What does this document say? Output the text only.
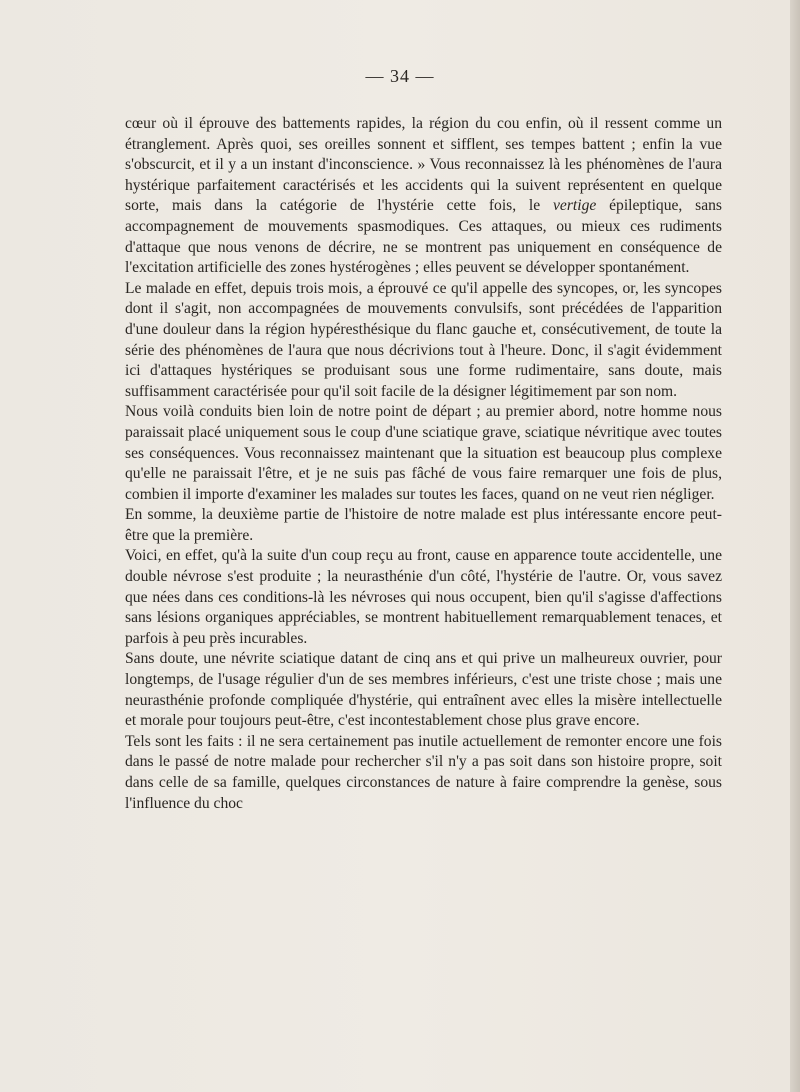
— 34 —

cœur où il éprouve des battements rapides, la région du cou enfin, où il ressent comme un étranglement. Après quoi, ses oreilles sonnent et sifflent, ses tempes battent ; enfin la vue s'obscurcit, et il y a un instant d'inconscience. » Vous reconnaissez là les phénomènes de l'aura hystérique parfaitement caractérisés et les accidents qui la suivent représentent en quelque sorte, mais dans la catégorie de l'hystérie cette fois, le vertige épileptique, sans accompagnement de mouvements spasmodiques. Ces attaques, ou mieux ces rudiments d'attaque que nous venons de décrire, ne se montrent pas uniquement en conséquence de l'excitation artificielle des zones hystérogènes ; elles peuvent se développer spontanément.

Le malade en effet, depuis trois mois, a éprouvé ce qu'il appelle des syncopes, or, les syncopes dont il s'agit, non accompagnées de mouvements convulsifs, sont précédées de l'apparition d'une douleur dans la région hypéresthésique du flanc gauche et, consécutivement, de toute la série des phénomènes de l'aura que nous décrivions tout à l'heure. Donc, il s'agit évidemment ici d'attaques hystériques se produisant sous une forme rudimentaire, sans doute, mais suffisamment caractérisée pour qu'il soit facile de la désigner légitimement par son nom.

Nous voilà conduits bien loin de notre point de départ ; au premier abord, notre homme nous paraissait placé uniquement sous le coup d'une sciatique grave, sciatique névritique avec toutes ses conséquences. Vous reconnaissez maintenant que la situation est beaucoup plus complexe qu'elle ne paraissait l'être, et je ne suis pas fâché de vous faire remarquer une fois de plus, combien il importe d'examiner les malades sur toutes les faces, quand on ne veut rien négliger.

En somme, la deuxième partie de l'histoire de notre malade est plus intéressante encore peut-être que la première.

Voici, en effet, qu'à la suite d'un coup reçu au front, cause en apparence toute accidentelle, une double névrose s'est produite ; la neurasthénie d'un côté, l'hystérie de l'autre. Or, vous savez que nées dans ces conditions-là les névroses qui nous occupent, bien qu'il s'agisse d'affections sans lésions organiques appréciables, se montrent habituellement remarquablement tenaces, et parfois à peu près incurables.

Sans doute, une névrite sciatique datant de cinq ans et qui prive un malheureux ouvrier, pour longtemps, de l'usage régulier d'un de ses membres inférieurs, c'est une triste chose ; mais une neurasthénie profonde compliquée d'hystérie, qui entraînent avec elles la misère intellectuelle et morale pour toujours peut-être, c'est incontestablement chose plus grave encore.

Tels sont les faits : il ne sera certainement pas inutile actuellement de remonter encore une fois dans le passé de notre malade pour rechercher s'il n'y a pas soit dans son histoire propre, soit dans celle de sa famille, quelques circonstances de nature à faire comprendre la genèse, sous l'influence du choc
